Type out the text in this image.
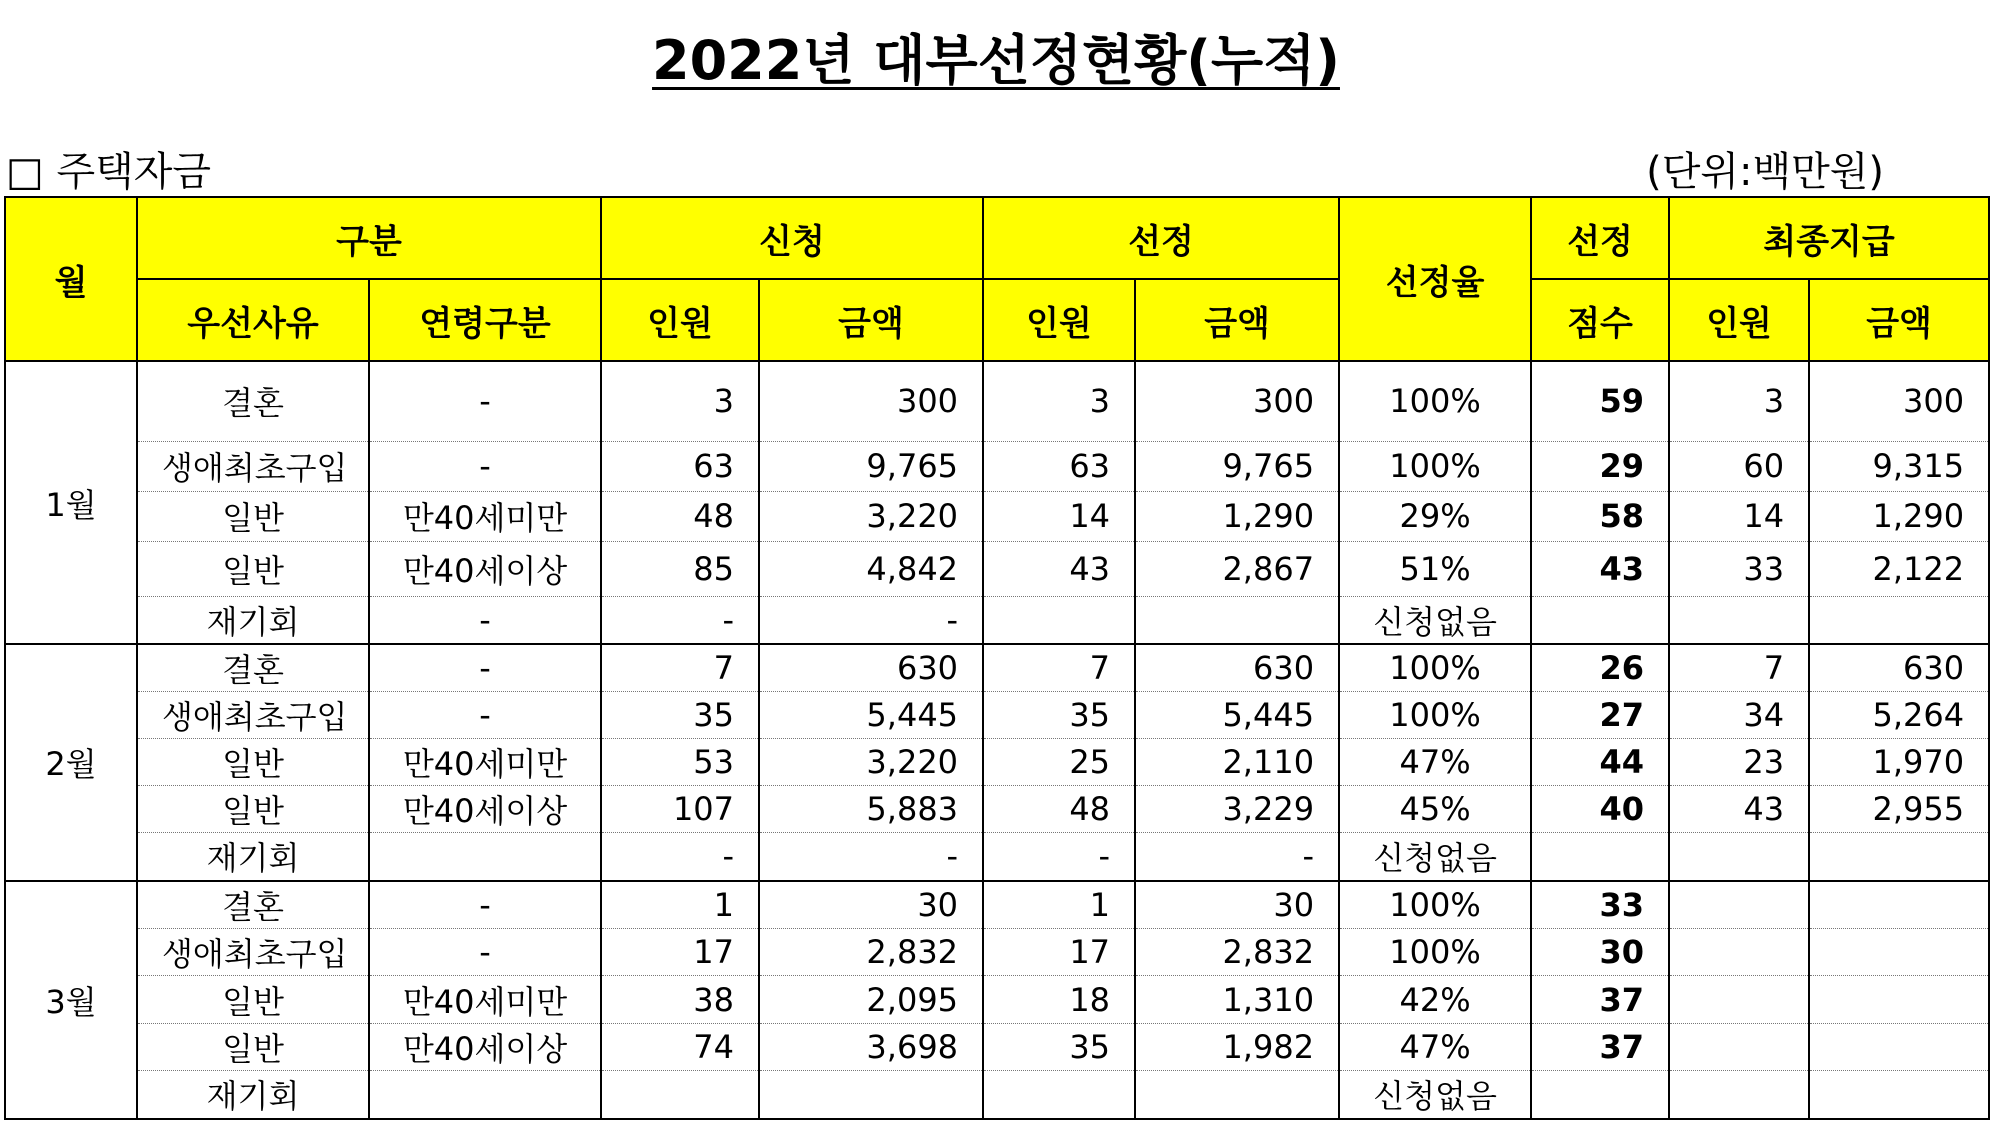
2022년 대부선정현황(누적)
□ 주택자금	(단위:백만원)
월	구분		신청		선정		선정율	선정	최종지급	
	우선사유	연령구분	인원	금액	인원	금액		점수	인원	금액
1월	결혼	-	3	300	3	300	100%	59	3	300
	생애최초구입	-	63	9,765	63	9,765	100%	29	60	9,315
	일반	만40세미만	48	3,220	14	1,290	29%	58	14	1,290
	일반	만40세이상	85	4,842	43	2,867	51%	43	33	2,122
	재기회	-	-	-			신청없음			
2월	결혼	-	7	630	7	630	100%	26	7	630
	생애최초구입	-	35	5,445	35	5,445	100%	27	34	5,264
	일반	만40세미만	53	3,220	25	2,110	47%	44	23	1,970
	일반	만40세이상	107	5,883	48	3,229	45%	40	43	2,955
	재기회		-	-	-	-	신청없음			
3월	결혼	-	1	30	1	30	100%	33		
	생애최초구입	-	17	2,832	17	2,832	100%	30		
	일반	만40세미만	38	2,095	18	1,310	42%	37		
	일반	만40세이상	74	3,698	35	1,982	47%	37		
	재기회						신청없음			
